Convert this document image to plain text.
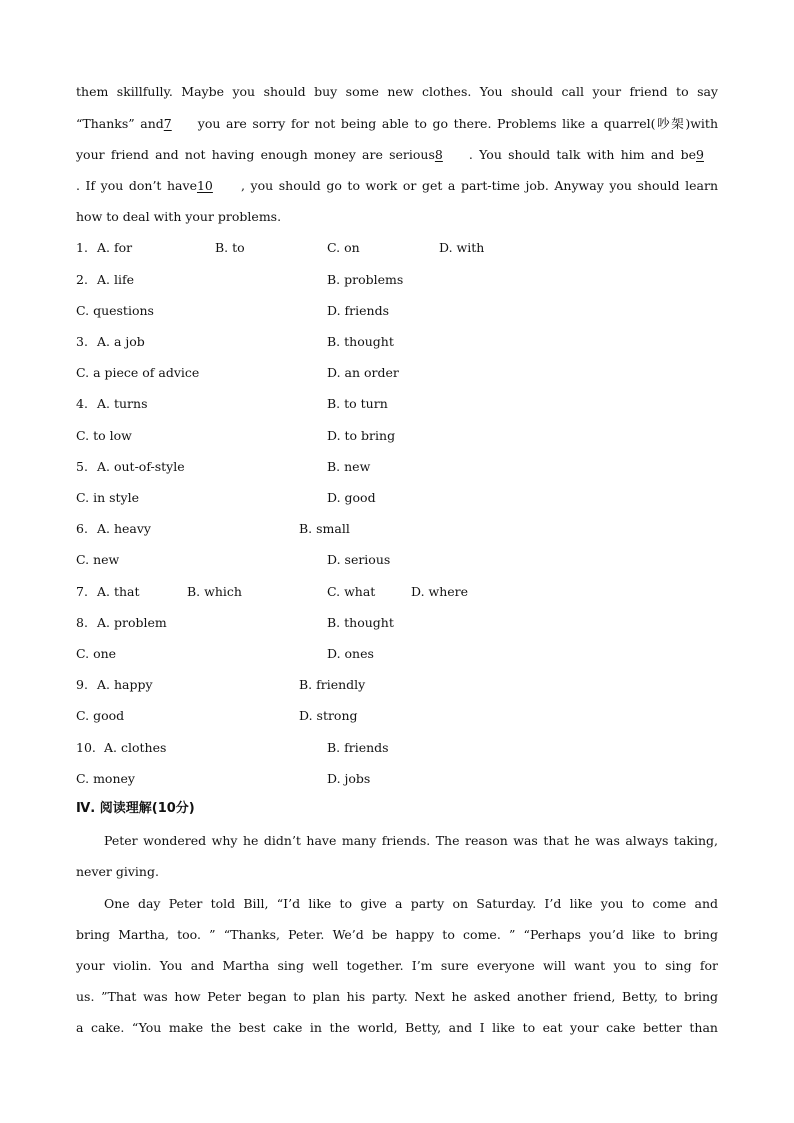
them skillfully. Maybe you should buy some new clothes. You should call your friend to say
“Thanks” and7you are sorry for not being able to go there. Problems like a quarrel(吵架)with
your friend and not having enough money are serious8. You should talk with him and be9
. If you don’t have10, you should go to work or get a part-time job. Anyway you should learn
how to deal with your problems.
1. A. for	B. to	C. on	D. with
2. A. life	B. problems
C. questions	D. friends
3. A. a job	B. thought
C. a piece of advice	D. an order
4. A. turns	B. to turn
C. to low	D. to bring
5. A. out-of-style	B. new
C. in style	D. good
6. A. heavy	B. small
C. new	D. serious
7. A. that	B. which	C. what	D. where
8. A. problem	B. thought
C. one	D. ones
9. A. happy	B. friendly
C. good	D. strong
10. A. clothes	B. friends
C. money	D. jobs
Ⅳ. 阅读理解(10分)
Peter wondered why he didn’t have many friends. The reason was that he was always taking,
never giving.
One day Peter told Bill, “I’d like to give a party on Saturday. I’d like you to come and
bring Martha, too. ” “Thanks, Peter. We’d be happy to come. ” “Perhaps you’d like to bring
your violin. You and Martha sing well together. I’m sure everyone will want you to sing for
us. ”That was how Peter began to plan his party. Next he asked another friend, Betty, to bring
a cake. “You make the best cake in the world, Betty, and I like to eat your cake better than
